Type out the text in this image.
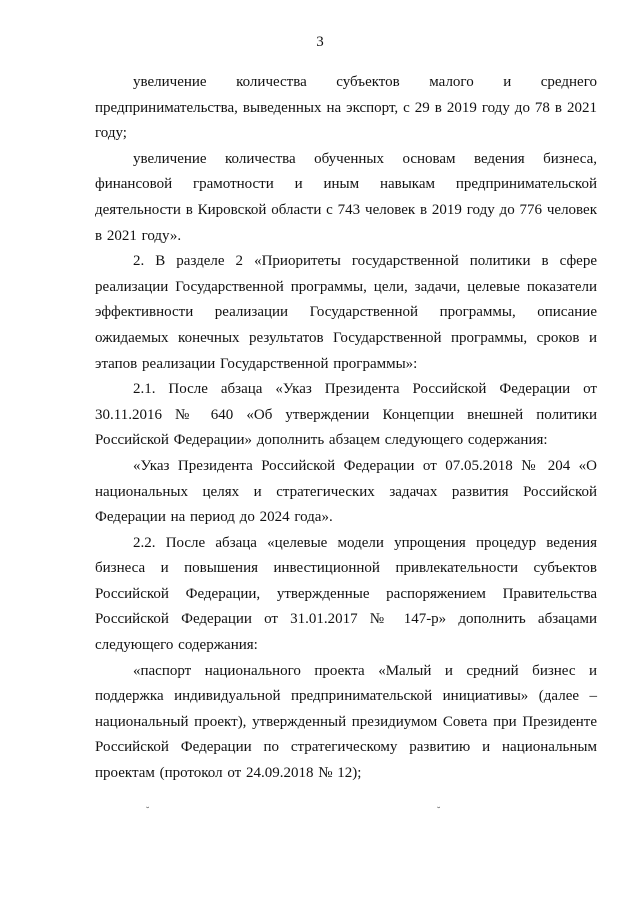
3

увеличение количества субъектов малого и среднего предпринимательства, выведенных на экспорт, с 29 в 2019 году до 78 в 2021 году;

увеличение количества обученных основам ведения бизнеса, финансовой грамотности и иным навыкам предпринимательской деятельности в Кировской области с 743 человек в 2019 году до 776 человек в 2021 году».

2. В разделе 2 «Приоритеты государственной политики в сфере реализации Государственной программы, цели, задачи, целевые показатели эффективности реализации Государственной программы, описание ожидаемых конечных результатов Государственной программы, сроков и этапов реализации Государственной программы»:

2.1. После абзаца «Указ Президента Российской Федерации от 30.11.2016 № 640 «Об утверждении Концепции внешней политики Российской Федерации» дополнить абзацем следующего содержания:

«Указ Президента Российской Федерации от 07.05.2018 № 204 «О национальных целях и стратегических задачах развития Российской Федерации на период до 2024 года».

2.2. После абзаца «целевые модели упрощения процедур ведения бизнеса и повышения инвестиционной привлекательности субъектов Российской Федерации, утвержденные распоряжением Правительства Российской Федерации от 31.01.2017 № 147-р» дополнить абзацами следующего содержания:

«паспорт национального проекта «Малый и средний бизнес и поддержка индивидуальной предпринимательской инициативы» (далее – национальный проект), утвержденный президиумом Совета при Президенте Российской Федерации по стратегическому развитию и национальным проектам (протокол от 24.09.2018 № 12);

˘	˘
